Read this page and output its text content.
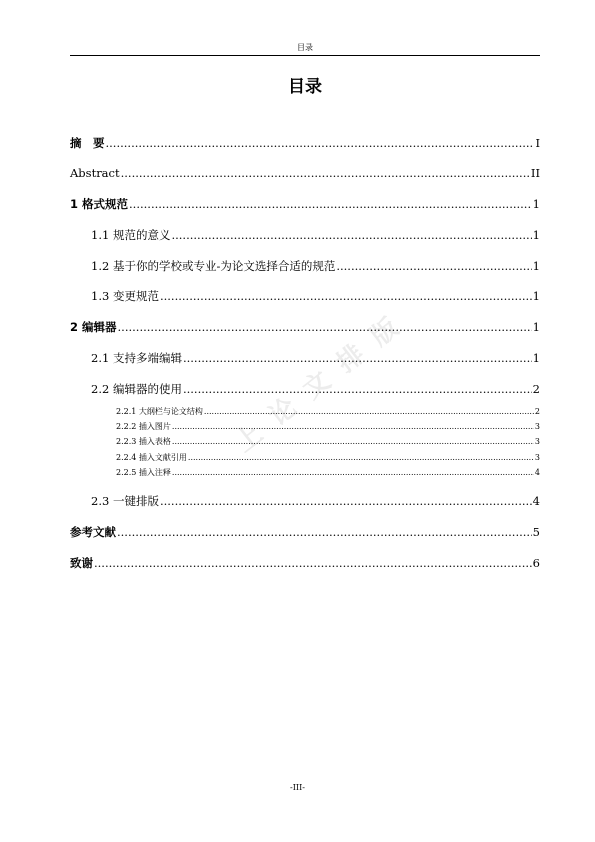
目录
目录
摘　要 .....	I
Abstract .....	II
1 格式规范 .....	1
1.1 规范的意义 .....	1
1.2 基于你的学校或专业-为论文选择合适的规范 .....	1
1.3 变更规范 .....	1
2 编辑器 .....	1
2.1 支持多端编辑 .....	1
2.2 编辑器的使用 .....	2
2.2.1 大纲栏与论文结构 .....	2
2.2.2 插入图片 .....	3
2.2.3 插入表格 .....	3
2.2.4 插入文献引用 .....	3
2.2.5 插入注释 .....	4
2.3 一键排版 .....	4
参考文献 .....	5
致谢 .....	6
上 论 文 排 版
-III-
